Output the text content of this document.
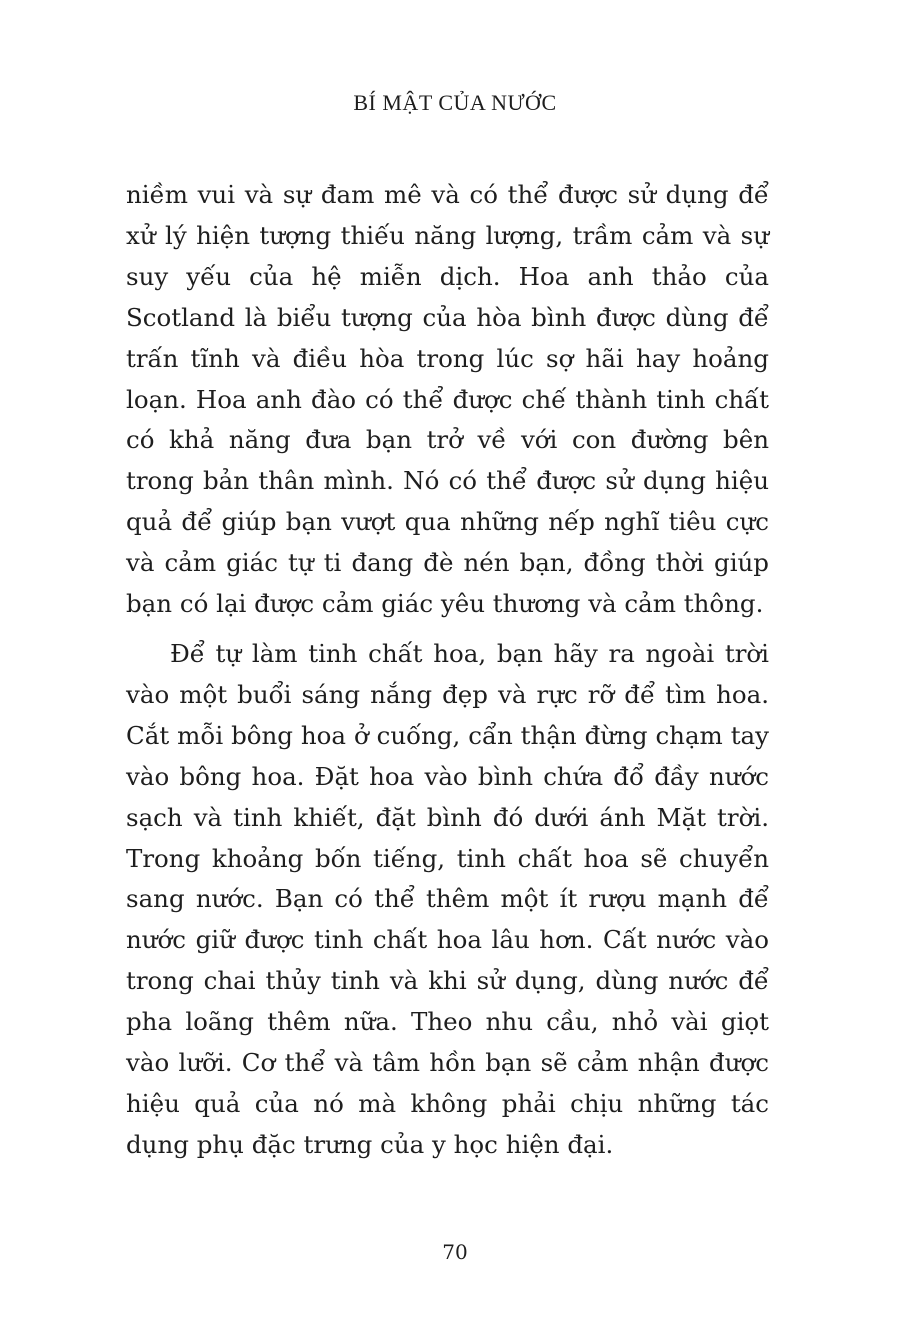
BÍ MẬT CỦA NƯỚC

niềm vui và sự đam mê và có thể được sử dụng để xử lý hiện tượng thiếu năng lượng, trầm cảm và sự suy yếu của hệ miễn dịch. Hoa anh thảo của Scotland là biểu tượng của hòa bình được dùng để trấn tĩnh và điều hòa trong lúc sợ hãi hay hoảng loạn. Hoa anh đào có thể được chế thành tinh chất có khả năng đưa bạn trở về với con đường bên trong bản thân mình. Nó có thể được sử dụng hiệu quả để giúp bạn vượt qua những nếp nghĩ tiêu cực và cảm giác tự ti đang đè nén bạn, đồng thời giúp bạn có lại được cảm giác yêu thương và cảm thông.

Để tự làm tinh chất hoa, bạn hãy ra ngoài trời vào một buổi sáng nắng đẹp và rực rỡ để tìm hoa. Cắt mỗi bông hoa ở cuống, cẩn thận đừng chạm tay vào bông hoa. Đặt hoa vào bình chứa đổ đầy nước sạch và tinh khiết, đặt bình đó dưới ánh Mặt trời. Trong khoảng bốn tiếng, tinh chất hoa sẽ chuyển sang nước. Bạn có thể thêm một ít rượu mạnh để nước giữ được tinh chất hoa lâu hơn. Cất nước vào trong chai thủy tinh và khi sử dụng, dùng nước để pha loãng thêm nữa. Theo nhu cầu, nhỏ vài giọt vào lưỡi. Cơ thể và tâm hồn bạn sẽ cảm nhận được hiệu quả của nó mà không phải chịu những tác dụng phụ đặc trưng của y học hiện đại.

70
